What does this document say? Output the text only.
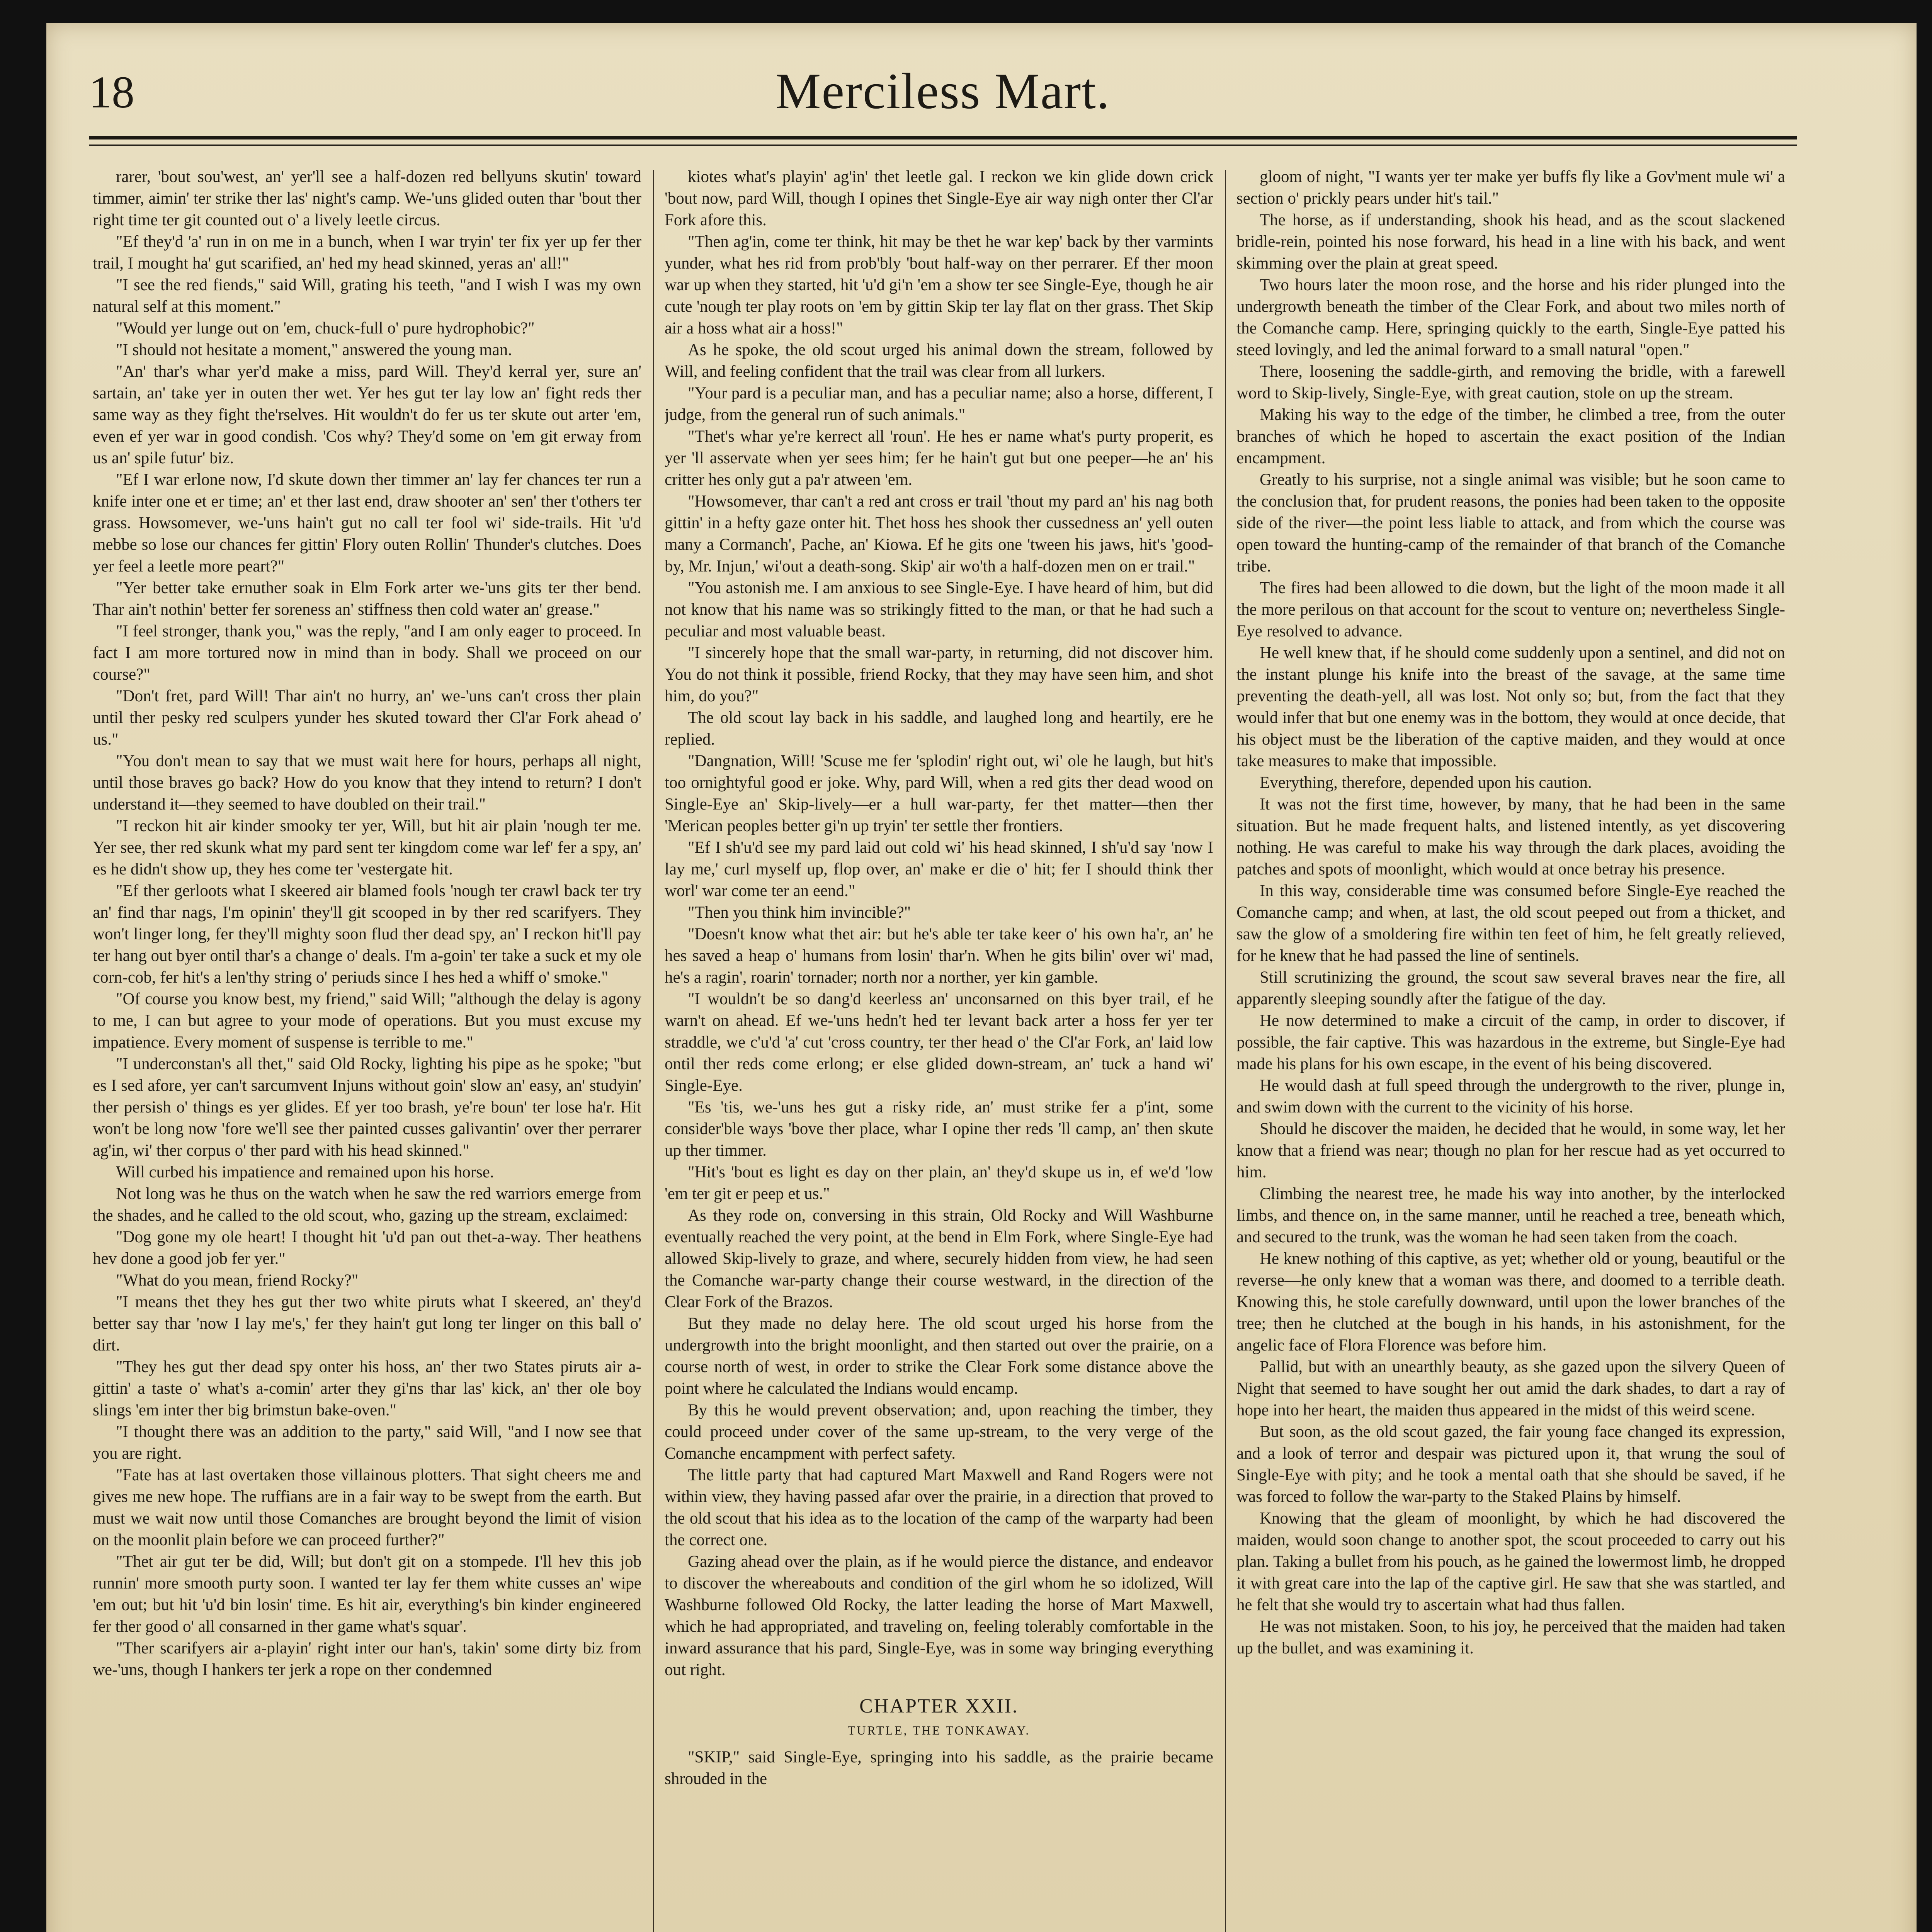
18	Merciless Mart.

rarer, 'bout sou'west, an' yer'll see a half-dozen red bellyuns skutin' toward timmer, aimin' ter strike ther las' night's camp. We-'uns glided outen thar 'bout ther right time ter git counted out o' a lively leetle circus.

"Ef they'd 'a' run in on me in a bunch, when I war tryin' ter fix yer up fer ther trail, I mought ha' gut scarified, an' hed my head skinned, yeras an' all!"

"I see the red fiends," said Will, grating his teeth, "and I wish I was my own natural self at this moment."

"Would yer lunge out on 'em, chuck-full o' pure hydrophobic?"

"I should not hesitate a moment," answered the young man.

"An' thar's whar yer'd make a miss, pard Will. They'd kerral yer, sure an' sartain, an' take yer in outen ther wet. Yer hes gut ter lay low an' fight reds ther same way as they fight the'rselves. Hit wouldn't do fer us ter skute out arter 'em, even ef yer war in good condish. 'Cos why? They'd some on 'em git erway from us an' spile futur' biz.

"Ef I war erlone now, I'd skute down ther timmer an' lay fer chances ter run a knife inter one et er time; an' et ther last end, draw shooter an' sen' ther t'others ter grass. Howsomever, we-'uns hain't gut no call ter fool wi' side-trails. Hit 'u'd mebbe so lose our chances fer gittin' Flory outen Rollin' Thunder's clutches. Does yer feel a leetle more peart?"

"Yer better take ernuther soak in Elm Fork arter we-'uns gits ter ther bend. Thar ain't nothin' better fer soreness an' stiffness then cold water an' grease."

"I feel stronger, thank you," was the reply, "and I am only eager to proceed. In fact I am more tortured now in mind than in body. Shall we proceed on our course?"

"Don't fret, pard Will! Thar ain't no hurry, an' we-'uns can't cross ther plain until ther pesky red sculpers yunder hes skuted toward ther Cl'ar Fork ahead o' us."

"You don't mean to say that we must wait here for hours, perhaps all night, until those braves go back? How do you know that they intend to return? I don't understand it—they seemed to have doubled on their trail."

"I reckon hit air kinder smooky ter yer, Will, but hit air plain 'nough ter me. Yer see, ther red skunk what my pard sent ter kingdom come war lef' fer a spy, an' es he didn't show up, they hes come ter 'vestergate hit.

"Ef ther gerloots what I skeered air blamed fools 'nough ter crawl back ter try an' find thar nags, I'm opinin' they'll git scooped in by ther red scarifyers. They won't linger long, fer they'll mighty soon flud ther dead spy, an' I reckon hit'll pay ter hang out byer ontil thar's a change o' deals. I'm a-goin' ter take a suck et my ole corn-cob, fer hit's a len'thy string o' periuds since I hes hed a whiff o' smoke."

"Of course you know best, my friend," said Will; "although the delay is agony to me, I can but agree to your mode of operations. But you must excuse my impatience. Every moment of suspense is terrible to me."

"I underconstan's all thet," said Old Rocky, lighting his pipe as he spoke; "but es I sed afore, yer can't sarcumvent Injuns without goin' slow an' easy, an' studyin' ther persish o' things es yer glides. Ef yer too brash, ye're boun' ter lose ha'r. Hit won't be long now 'fore we'll see ther painted cusses galivantin' over ther perrarer ag'in, wi' ther corpus o' ther pard with his head skinned."

Will curbed his impatience and remained upon his horse.

Not long was he thus on the watch when he saw the red warriors emerge from the shades, and he called to the old scout, who, gazing up the stream, exclaimed:

"Dog gone my ole heart! I thought hit 'u'd pan out thet-a-way. Ther heathens hev done a good job fer yer."

"What do you mean, friend Rocky?"

"I means thet they hes gut ther two white piruts what I skeered, an' they'd better say thar 'now I lay me's,' fer they hain't gut long ter linger on this ball o' dirt.

"They hes gut ther dead spy onter his hoss, an' ther two States piruts air a-gittin' a taste o' what's a-comin' arter they gi'ns thar las' kick, an' ther ole boy slings 'em inter ther big brimstun bake-oven."

"I thought there was an addition to the party," said Will, "and I now see that you are right.

"Fate has at last overtaken those villainous plotters. That sight cheers me and gives me new hope. The ruffians are in a fair way to be swept from the earth. But must we wait now until those Comanches are brought beyond the limit of vision on the moonlit plain before we can proceed further?"

"Thet air gut ter be did, Will; but don't git on a stompede. I'll hev this job runnin' more smooth purty soon. I wanted ter lay fer them white cusses an' wipe 'em out; but hit 'u'd bin losin' time. Es hit air, everything's bin kinder engineered fer ther good o' all consarned in ther game what's squar'.

"Ther scarifyers air a-playin' right inter our han's, takin' some dirty biz from we-'uns, though I hankers ter jerk a rope on ther condemned

kiotes what's playin' ag'in' thet leetle gal. I reckon we kin glide down crick 'bout now, pard Will, though I opines thet Single-Eye air way nigh onter ther Cl'ar Fork afore this.

"Then ag'in, come ter think, hit may be thet he war kep' back by ther varmints yunder, what hes rid from prob'bly 'bout half-way on ther perrarer. Ef ther moon war up when they started, hit 'u'd gi'n 'em a show ter see Single-Eye, though he air cute 'nough ter play roots on 'em by gittin Skip ter lay flat on ther grass. Thet Skip air a hoss what air a hoss!"

As he spoke, the old scout urged his animal down the stream, followed by Will, and feeling confident that the trail was clear from all lurkers.

"Your pard is a peculiar man, and has a peculiar name; also a horse, different, I judge, from the general run of such animals."

"Thet's whar ye're kerrect all 'roun'. He hes er name what's purty properit, es yer 'll asservate when yer sees him; fer he hain't gut but one peeper—he an' his critter hes only gut a pa'r atween 'em.

"Howsomever, thar can't a red ant cross er trail 'thout my pard an' his nag both gittin' in a hefty gaze onter hit. Thet hoss hes shook ther cussedness an' yell outen many a Cormanch', Pache, an' Kiowa. Ef he gits one 'tween his jaws, hit's 'good-by, Mr. Injun,' wi'out a death-song. Skip' air wo'th a half-dozen men on er trail."

"You astonish me. I am anxious to see Single-Eye. I have heard of him, but did not know that his name was so strikingly fitted to the man, or that he had such a peculiar and most valuable beast.

"I sincerely hope that the small war-party, in returning, did not discover him. You do not think it possible, friend Rocky, that they may have seen him, and shot him, do you?"

The old scout lay back in his saddle, and laughed long and heartily, ere he replied.

"Dangnation, Will! 'Scuse me fer 'splodin' right out, wi' ole he laugh, but hit's too ornightyful good er joke. Why, pard Will, when a red gits ther dead wood on Single-Eye an' Skip-lively—er a hull war-party, fer thet matter—then ther 'Merican peoples better gi'n up tryin' ter settle ther frontiers.

"Ef I sh'u'd see my pard laid out cold wi' his head skinned, I sh'u'd say 'now I lay me,' curl myself up, flop over, an' make er die o' hit; fer I should think ther worl' war come ter an eend."

"Then you think him invincible?"

"Doesn't know what thet air: but he's able ter take keer o' his own ha'r, an' he hes saved a heap o' humans from losin' thar'n. When he gits bilin' over wi' mad, he's a ragin', roarin' tornader; north nor a norther, yer kin gamble.

"I wouldn't be so dang'd keerless an' unconsarned on this byer trail, ef he warn't on ahead. Ef we-'uns hedn't hed ter levant back arter a hoss fer yer ter straddle, we c'u'd 'a' cut 'cross country, ter ther head o' the Cl'ar Fork, an' laid low ontil ther reds come erlong; er else glided down-stream, an' tuck a hand wi' Single-Eye.

"Es 'tis, we-'uns hes gut a risky ride, an' must strike fer a p'int, some consider'ble ways 'bove ther place, whar I opine ther reds 'll camp, an' then skute up ther timmer.

"Hit's 'bout es light es day on ther plain, an' they'd skupe us in, ef we'd 'low 'em ter git er peep et us."

As they rode on, conversing in this strain, Old Rocky and Will Washburne eventually reached the very point, at the bend in Elm Fork, where Single-Eye had allowed Skip-lively to graze, and where, securely hidden from view, he had seen the Comanche war-party change their course westward, in the direction of the Clear Fork of the Brazos.

But they made no delay here. The old scout urged his horse from the undergrowth into the bright moonlight, and then started out over the prairie, on a course north of west, in order to strike the Clear Fork some distance above the point where he calculated the Indians would encamp.

By this he would prevent observation; and, upon reaching the timber, they could proceed under cover of the same up-stream, to the very verge of the Comanche encampment with perfect safety.

The little party that had captured Mart Maxwell and Rand Rogers were not within view, they having passed afar over the prairie, in a direction that proved to the old scout that his idea as to the location of the camp of the warparty had been the correct one.

Gazing ahead over the plain, as if he would pierce the distance, and endeavor to discover the whereabouts and condition of the girl whom he so idolized, Will Washburne followed Old Rocky, the latter leading the horse of Mart Maxwell, which he had appropriated, and traveling on, feeling tolerably comfortable in the inward assurance that his pard, Single-Eye, was in some way bringing everything out right.

CHAPTER XXII.
TURTLE, THE TONKAWAY.

"SKIP," said Single-Eye, springing into his saddle, as the prairie became shrouded in the

gloom of night, "I wants yer ter make yer buffs fly like a Gov'ment mule wi' a section o' prickly pears under hit's tail."

The horse, as if understanding, shook his head, and as the scout slackened bridle-rein, pointed his nose forward, his head in a line with his back, and went skimming over the plain at great speed.

Two hours later the moon rose, and the horse and his rider plunged into the undergrowth beneath the timber of the Clear Fork, and about two miles north of the Comanche camp. Here, springing quickly to the earth, Single-Eye patted his steed lovingly, and led the animal forward to a small natural "open."

There, loosening the saddle-girth, and removing the bridle, with a farewell word to Skip-lively, Single-Eye, with great caution, stole on up the stream.

Making his way to the edge of the timber, he climbed a tree, from the outer branches of which he hoped to ascertain the exact position of the Indian encampment.

Greatly to his surprise, not a single animal was visible; but he soon came to the conclusion that, for prudent reasons, the ponies had been taken to the opposite side of the river—the point less liable to attack, and from which the course was open toward the hunting-camp of the remainder of that branch of the Comanche tribe.

The fires had been allowed to die down, but the light of the moon made it all the more perilous on that account for the scout to venture on; nevertheless Single-Eye resolved to advance.

He well knew that, if he should come suddenly upon a sentinel, and did not on the instant plunge his knife into the breast of the savage, at the same time preventing the death-yell, all was lost. Not only so; but, from the fact that they would infer that but one enemy was in the bottom, they would at once decide, that his object must be the liberation of the captive maiden, and they would at once take measures to make that impossible.

Everything, therefore, depended upon his caution.

It was not the first time, however, by many, that he had been in the same situation. But he made frequent halts, and listened intently, as yet discovering nothing. He was careful to make his way through the dark places, avoiding the patches and spots of moonlight, which would at once betray his presence.

In this way, considerable time was consumed before Single-Eye reached the Comanche camp; and when, at last, the old scout peeped out from a thicket, and saw the glow of a smoldering fire within ten feet of him, he felt greatly relieved, for he knew that he had passed the line of sentinels.

Still scrutinizing the ground, the scout saw several braves near the fire, all apparently sleeping soundly after the fatigue of the day.

He now determined to make a circuit of the camp, in order to discover, if possible, the fair captive. This was hazardous in the extreme, but Single-Eye had made his plans for his own escape, in the event of his being discovered.

He would dash at full speed through the undergrowth to the river, plunge in, and swim down with the current to the vicinity of his horse.

Should he discover the maiden, he decided that he would, in some way, let her know that a friend was near; though no plan for her rescue had as yet occurred to him.

Climbing the nearest tree, he made his way into another, by the interlocked limbs, and thence on, in the same manner, until he reached a tree, beneath which, and secured to the trunk, was the woman he had seen taken from the coach.

He knew nothing of this captive, as yet; whether old or young, beautiful or the reverse—he only knew that a woman was there, and doomed to a terrible death. Knowing this, he stole carefully downward, until upon the lower branches of the tree; then he clutched at the bough in his hands, in his astonishment, for the angelic face of Flora Florence was before him.

Pallid, but with an unearthly beauty, as she gazed upon the silvery Queen of Night that seemed to have sought her out amid the dark shades, to dart a ray of hope into her heart, the maiden thus appeared in the midst of this weird scene.

But soon, as the old scout gazed, the fair young face changed its expression, and a look of terror and despair was pictured upon it, that wrung the soul of Single-Eye with pity; and he took a mental oath that she should be saved, if he was forced to follow the war-party to the Staked Plains by himself.

Knowing that the gleam of moonlight, by which he had discovered the maiden, would soon change to another spot, the scout proceeded to carry out his plan. Taking a bullet from his pouch, as he gained the lowermost limb, he dropped it with great care into the lap of the captive girl. He saw that she was startled, and he felt that she would try to ascertain what had thus fallen.

He was not mistaken. Soon, to his joy, he perceived that the maiden had taken up the bullet, and was examining it.
